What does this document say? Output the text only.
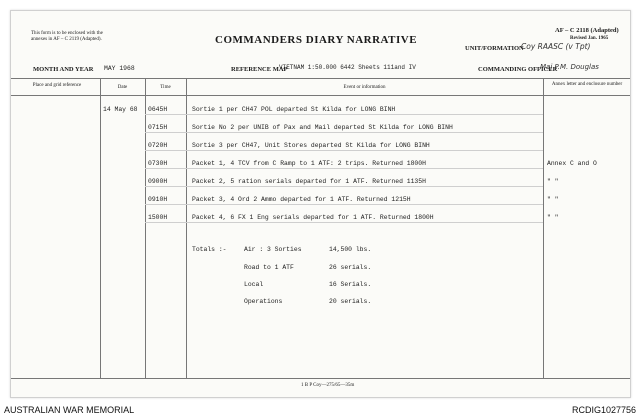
This form is to be enclosed with the annexes in AF – C 2119 (Adapted).	COMMANDERS DIARY NARRATIVE
AF – C 2118 (Adapted)
Revised Jan. 1965
UNIT/FORMATION
Coy RAASC (v Tpt)
MONTH AND YEAR MAY 1968	REFERENCE MAP
VIETNAM 1:50.000 6442 Sheets 111and IV	COMMANDING OFFICER
Maj P.M. Douglas
Place and grid reference	Date	Time	Event or information
Annex letter and enclosure number
14 May 68 0645H	Sortie 1 per CH47 POL departed St Kilda for LONG BINH
0715H	Sortie No 2 per UNIB of Pax and Mail departed St Kilda for LONG BINH
0720H	Sortie 3 per CH47, Unit Stores departed St Kilda for LONG BINH
0730H	Packet 1, 4 TCV from C Ramp to 1 ATF: 2 trips. Returned 1800H	Annex C and O
0900H	Packet 2, 5 ration serials departed for 1 ATF. Returned 1135H	" "
0910H	Packet 3, 4 Ord 2 Ammo departed for 1 ATF. Returned 1215H	" "
1500H	Packet 4, 6 FX 1 Eng serials departed for 1 ATF. Returned 1800H	" "
Totals :-	Air : 3 Sorties	14,500 lbs.
Road to 1 ATF	26 serials.
Local	16 Serials.
Operations	20 serials.
1 B P Coy—275/65—35m
AUSTRALIAN WAR MEMORIAL	RCDIG1027756
